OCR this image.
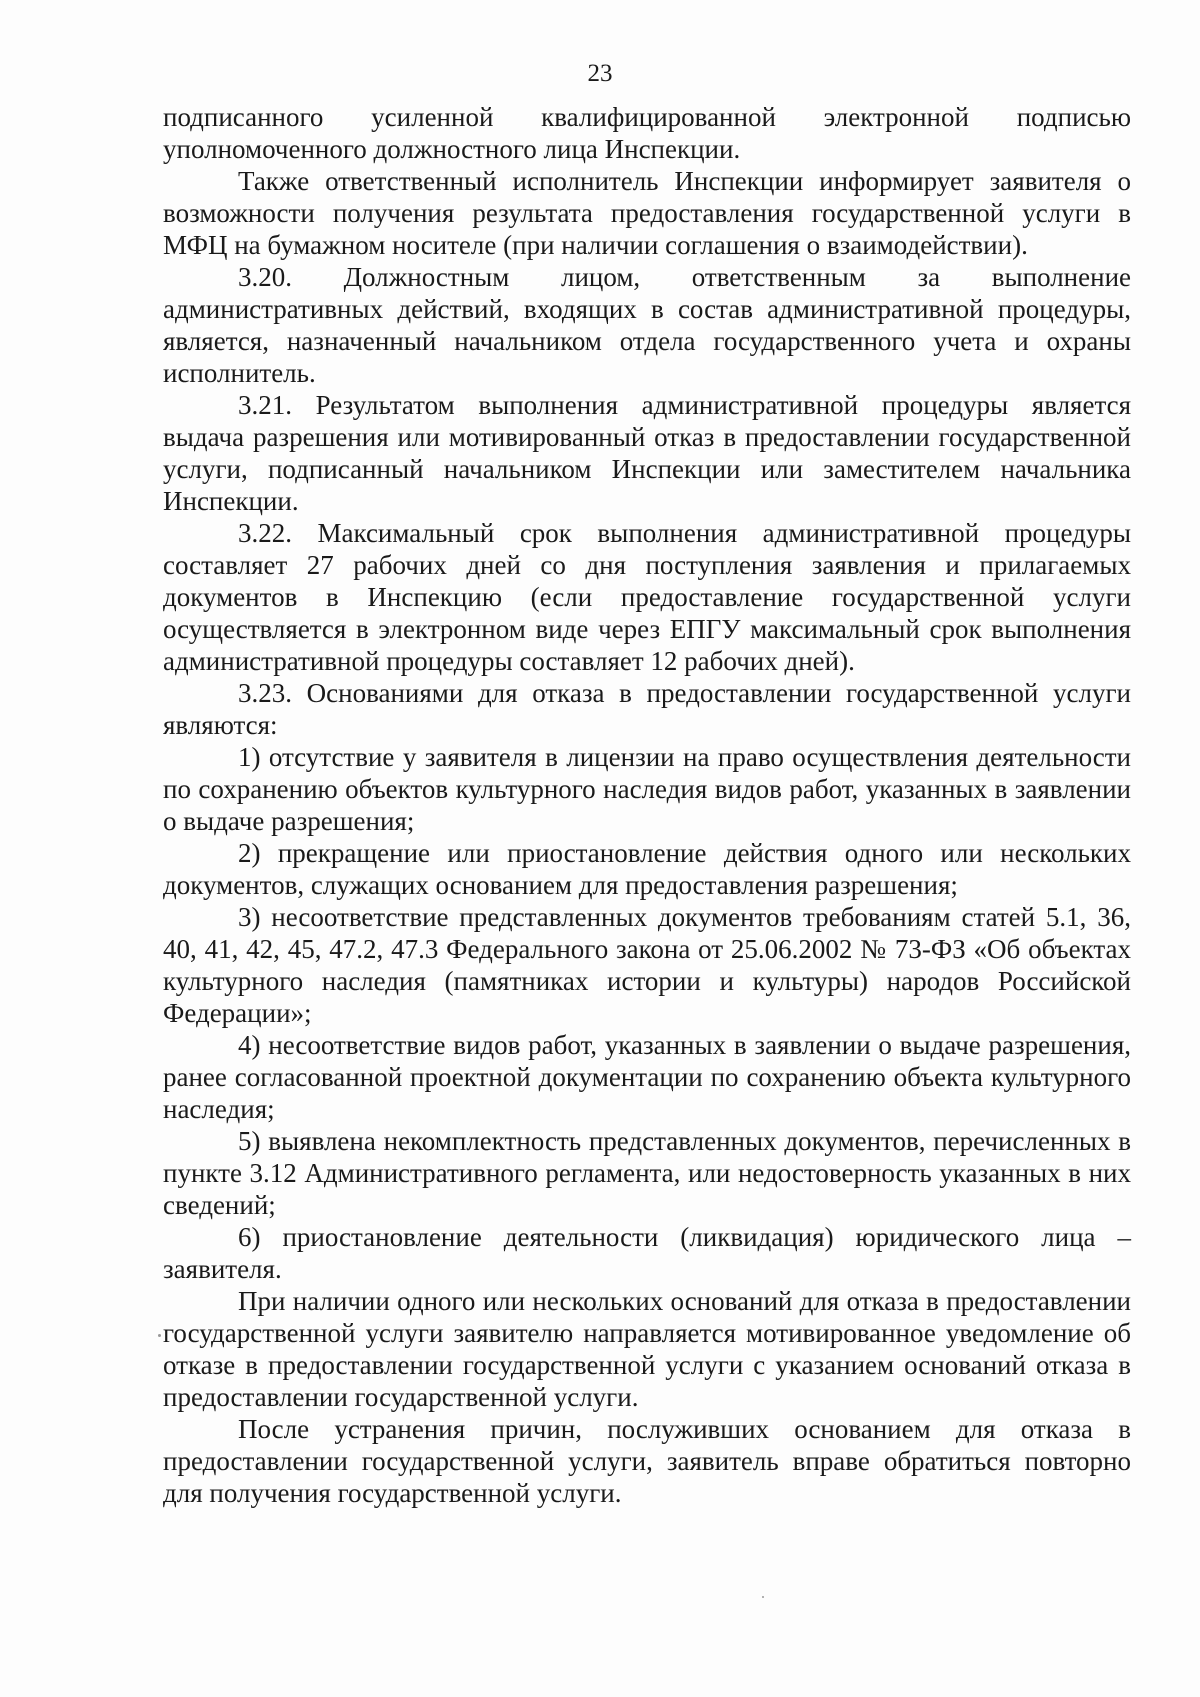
23

подписанного усиленной квалифицированной электронной подписью уполномоченного должностного лица Инспекции.

Также ответственный исполнитель Инспекции информирует заявителя о возможности получения результата предоставления государственной услуги в МФЦ на бумажном носителе (при наличии соглашения о взаимодействии).

3.20. Должностным лицом, ответственным за выполнение административных действий, входящих в состав административной процедуры, является, назначенный начальником отдела государственного учета и охраны исполнитель.

3.21. Результатом выполнения административной процедуры является выдача разрешения или мотивированный отказ в предоставлении государственной услуги, подписанный начальником Инспекции или заместителем начальника Инспекции.

3.22. Максимальный срок выполнения административной процедуры составляет 27 рабочих дней со дня поступления заявления и прилагаемых документов в Инспекцию (если предоставление государственной услуги осуществляется в электронном виде через ЕПГУ максимальный срок выполнения административной процедуры составляет 12 рабочих дней).

3.23. Основаниями для отказа в предоставлении государственной услуги являются:

1) отсутствие у заявителя в лицензии на право осуществления деятельности по сохранению объектов культурного наследия видов работ, указанных в заявлении о выдаче разрешения;

2) прекращение или приостановление действия одного или нескольких документов, служащих основанием для предоставления разрешения;

3) несоответствие представленных документов требованиям статей 5.1, 36, 40, 41, 42, 45, 47.2, 47.3 Федерального закона от 25.06.2002 № 73-ФЗ «Об объектах культурного наследия (памятниках истории и культуры) народов Российской Федерации»;

4) несоответствие видов работ, указанных в заявлении о выдаче разрешения, ранее согласованной проектной документации по сохранению объекта культурного наследия;

5) выявлена некомплектность представленных документов, перечисленных в пункте 3.12 Административного регламента, или недостоверность указанных в них сведений;

6) приостановление деятельности (ликвидация) юридического лица – заявителя.

При наличии одного или нескольких оснований для отказа в предоставлении государственной услуги заявителю направляется мотивированное уведомление об отказе в предоставлении государственной услуги с указанием оснований отказа в предоставлении государственной услуги.

После устранения причин, послуживших основанием для отказа в предоставлении государственной услуги, заявитель вправе обратиться повторно для получения государственной услуги.
